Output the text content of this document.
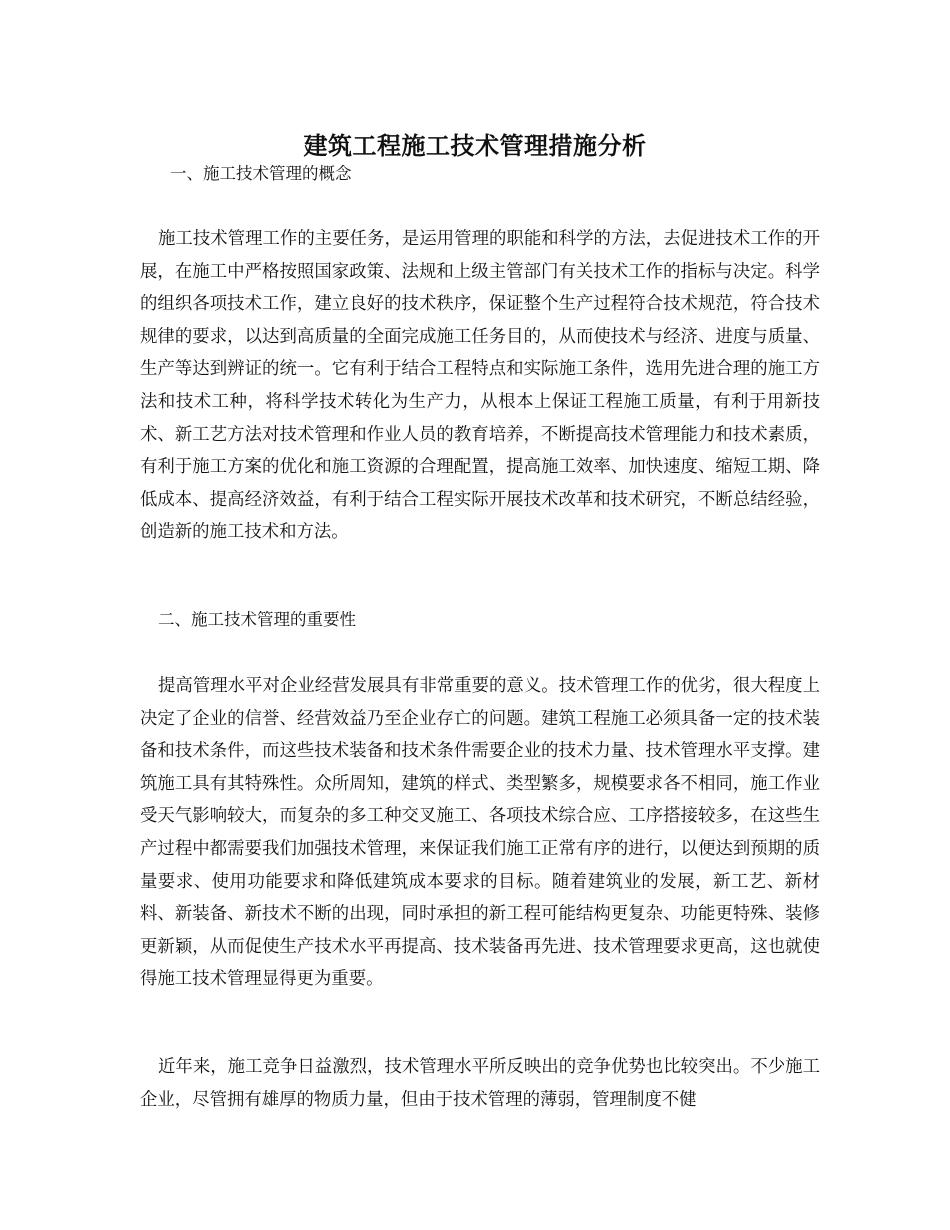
建筑工程施工技术管理措施分析
一、施工技术管理的概念

施工技术管理工作的主要任务，是运用管理的职能和科学的方法，去促进技术工作的开展，在施工中严格按照国家政策、法规和上级主管部门有关技术工作的指标与决定。科学的组织各项技术工作，建立良好的技术秩序，保证整个生产过程符合技术规范，符合技术规律的要求，以达到高质量的全面完成施工任务目的，从而使技术与经济、进度与质量、生产等达到辨证的统一。它有利于结合工程特点和实际施工条件，选用先进合理的施工方法和技术工种，将科学技术转化为生产力，从根本上保证工程施工质量，有利于用新技术、新工艺方法对技术管理和作业人员的教育培养，不断提高技术管理能力和技术素质，有利于施工方案的优化和施工资源的合理配置，提高施工效率、加快速度、缩短工期、降低成本、提高经济效益，有利于结合工程实际开展技术改革和技术研究，不断总结经验，创造新的施工技术和方法。

二、施工技术管理的重要性

提高管理水平对企业经营发展具有非常重要的意义。技术管理工作的优劣，很大程度上决定了企业的信誉、经营效益乃至企业存亡的问题。建筑工程施工必须具备一定的技术装备和技术条件，而这些技术装备和技术条件需要企业的技术力量、技术管理水平支撑。建筑施工具有其特殊性。众所周知，建筑的样式、类型繁多，规模要求各不相同，施工作业受天气影响较大，而复杂的多工种交叉施工、各项技术综合应、工序搭接较多，在这些生产过程中都需要我们加强技术管理，来保证我们施工正常有序的进行，以便达到预期的质量要求、使用功能要求和降低建筑成本要求的目标。随着建筑业的发展，新工艺、新材料、新装备、新技术不断的出现，同时承担的新工程可能结构更复杂、功能更特殊、装修更新颖，从而促使生产技术水平再提高、技术装备再先进、技术管理要求更高，这也就使得施工技术管理显得更为重要。

近年来，施工竞争日益激烈，技术管理水平所反映出的竞争优势也比较突出。不少施工企业，尽管拥有雄厚的物质力量，但由于技术管理的薄弱，管理制度不健
